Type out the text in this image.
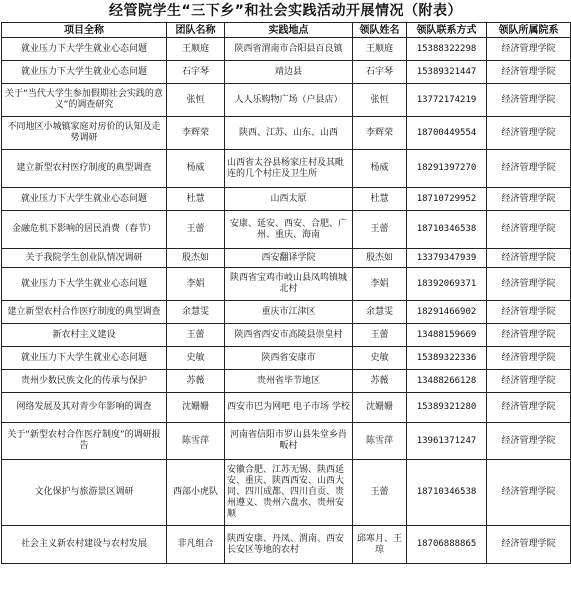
经管院学生“三下乡”和社会实践活动开展情况（附表）
项目全称	团队名称	实践地点	领队姓名	领队联系方式	领队所属院系
就业压力下大学生就业心态问题	王顺庭	陕西省渭南市合阳县百良镇	王顺庭	15388322298	经济管理学院
就业压力下大学生就业心态问题	石宇琴	靖边县	石宇琴	15389321447	经济管理学院
关于“当代大学生参加假期社会实践的意义”的调查研究	张恒	人人乐购物广场（户县店）	张恒	13772174219	经济管理学院
不同地区小城镇家庭对房价的认知及走势调研	李辉荣	陕西、江苏、山东、山西	李辉荣	18700449554	经济管理学院
建立新型农村医疗制度的典型调查	杨威	山西省太谷县杨家庄村及其毗连的几个村庄及卫生所	杨威	18291397270	经济管理学院
就业压力下大学生就业心态问题	杜慧	山西太原	杜慧	18710729952	经济管理学院
金融危机下影响的居民消费（春节）	王蕾	安康、延安、西安、合肥、广州、重庆、海南	王蕾	18710346538	经济管理学院
关于我院学生创业队情况调研	殷杰如	西安翻译学院	殷杰如	13379347939	经济管理学院
就业压力下大学生就业心态问题	李娟	陕西省宝鸡市岐山县凤鸣镇城北村	李娟	18392069371	经济管理学院
建立新型农村合作医疗制度的典型调查	余慧雯	重庆市江津区	余慧雯	18291466902	经济管理学院
新农村主义建设	王蕾	陕西省西安市高陵县崇皇村	王蕾	13488159669	经济管理学院
就业压力下大学生就业心态问题	史敏	陕西省安康市	史敏	15389322336	经济管理学院
贵州少数民族文化的传承与保护	苏薇	贵州省毕节地区	苏薇	13488266128	经济管理学院
网络发展及其对青少年影响的调查	沈姗姗	西安市巴为网吧 电子市场 学校	沈姗姗	15389321280	经济管理学院
关于“新型农村合作医疗制度”的调研报告	陈雪萍	河南省信阳市罗山县朱堂乡肖畈村	陈雪萍	13961371247	经济管理学院
文化保护与旅游景区调研	西部小虎队	安徽合肥、江苏无锡、陕西延安、重庆、陕西西安、山西大同、四川成都、四川自贡、贵州遵义、贵州六盘水、贵州安顺	王蕾	18710346538	经济管理学院
社会主义新农村建设与农村发展	非凡组合	陕西安康、丹凤、渭南、西安长安区等地的农村	邱寒月、王琼	18706888865	经济管理学院
